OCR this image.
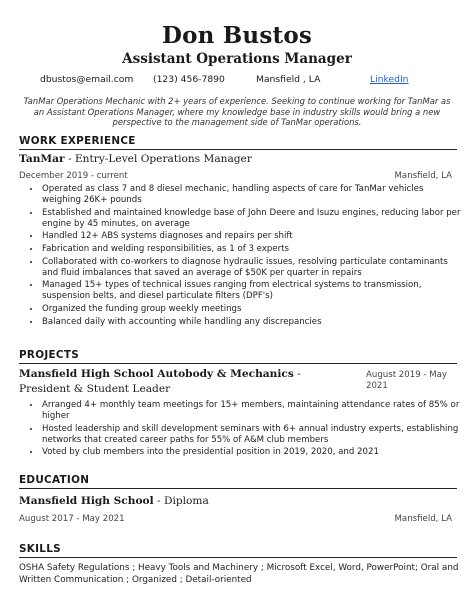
Don Bustos
Assistant Operations Manager
dbustos@email.com (123) 456-7890	Mansfield , LA	LinkedIn
TanMar Operations Mechanic with 2+ years of experience. Seeking to continue working for TanMar as an Assistant Operations Manager, where my knowledge base in industry skills would bring a new perspective to the management side of TanMar operations.
WORK EXPERIENCE
TanMar - Entry-Level Operations Manager
December 2019 - current	Mansfield, LA
• Operated as class 7 and 8 diesel mechanic, handling aspects of care for TanMar vehicles weighing 26K+ pounds
• Established and maintained knowledge base of John Deere and Isuzu engines, reducing labor per engine by 45 minutes, on average
• Handled 12+ ABS systems diagnoses and repairs per shift
• Fabrication and welding responsibilities, as 1 of 3 experts
• Collaborated with co-workers to diagnose hydraulic issues, resolving particulate contaminants and fluid imbalances that saved an average of $50K per quarter in repairs
• Managed 15+ types of technical issues ranging from electrical systems to transmission, suspension belts, and diesel particulate filters (DPF's)
• Organized the funding group weekly meetings
• Balanced daily with accounting while handling any discrepancies
PROJECTS
Mansfield High School Autobody & Mechanics -
President & Student Leader
August 2019 - May
2021
• Arranged 4+ monthly team meetings for 15+ members, maintaining attendance rates of 85% or higher
• Hosted leadership and skill development seminars with 6+ annual industry experts, establishing networks that created career paths for 55% of A&M club members
• Voted by club members into the presidential position in 2019, 2020, and 2021
EDUCATION
Mansfield High School - Diploma
August 2017 - May 2021	Mansfield, LA
SKILLS
OSHA Safety Regulations ; Heavy Tools and Machinery ; Microsoft Excel, Word, PowerPoint; Oral and Written Communication ; Organized ; Detail-oriented
